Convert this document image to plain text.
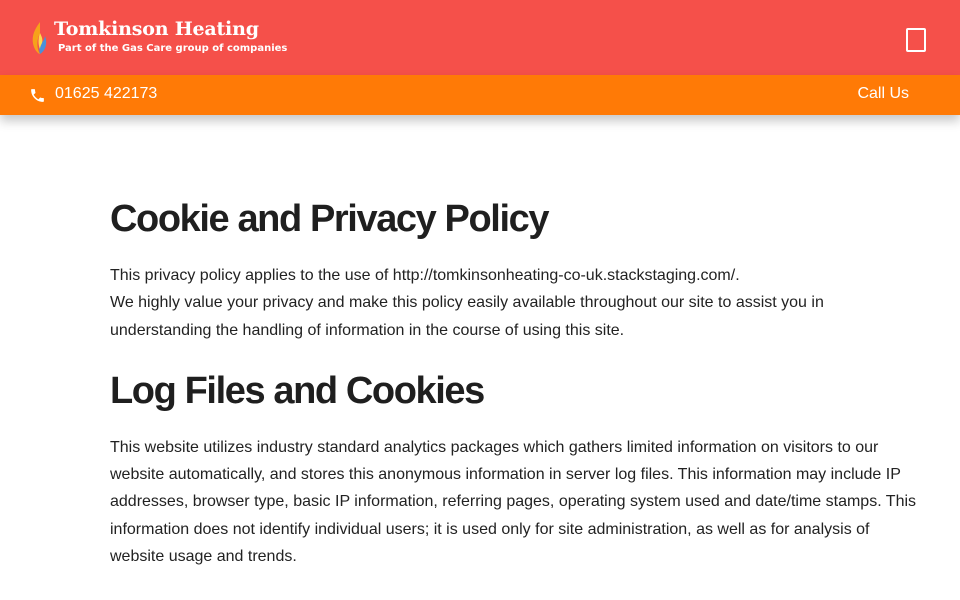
Tomkinson Heating
Part of the Gas Care group of companies
01625 422173	Call Us
Cookie and Privacy Policy

This privacy policy applies to the use of http://tomkinsonheating-co-uk.stackstaging.com/.

We highly value your privacy and make this policy easily available throughout our site to assist you in understanding the handling of information in the course of using this site.

Log Files and Cookies

This website utilizes industry standard analytics packages which gathers limited information on visitors to our website automatically, and stores this anonymous information in server log files. This information may include IP addresses, browser type, basic IP information, referring pages, operating system used and date/time stamps. This information does not identify individual users; it is used only for site administration, as well as for analysis of website usage and trends.
